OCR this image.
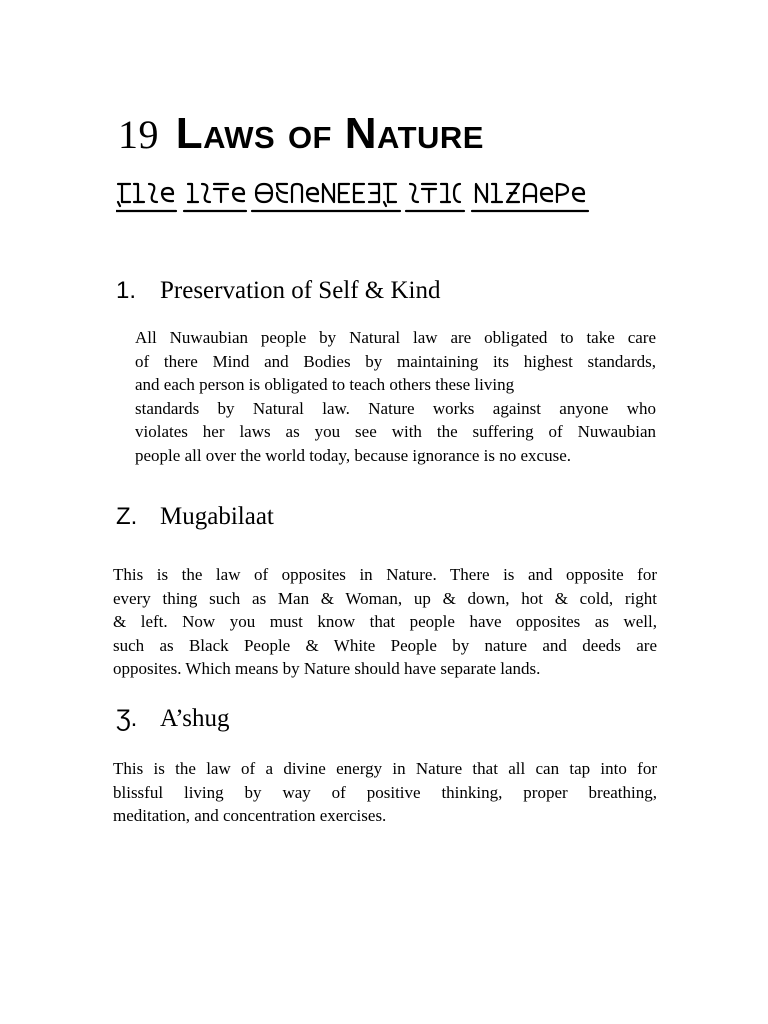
19 Laws of Nature
1. Preservation of Self & Kind
All Nuwaubian people by Natural law are obligated to take care
of there Mind and Bodies by maintaining its highest standards,
and each person is obligated to teach others these living
standards by Natural law. Nature works against anyone who
violates her laws as you see with the suffering of Nuwaubian
people all over the world today, because ignorance is no excuse.
Z. Mugabilaat
This is the law of opposites in Nature. There is and opposite for
every thing such as Man & Woman, up & down, hot & cold, right
& left. Now you must know that people have opposites as well,
such as Black People & White People by nature and deeds are
opposites. Which means by Nature should have separate lands.
Ʒ. A’shug
This is the law of a divine energy in Nature that all can tap into for
blissful living by way of positive thinking, proper breathing,
meditation, and concentration exercises.
